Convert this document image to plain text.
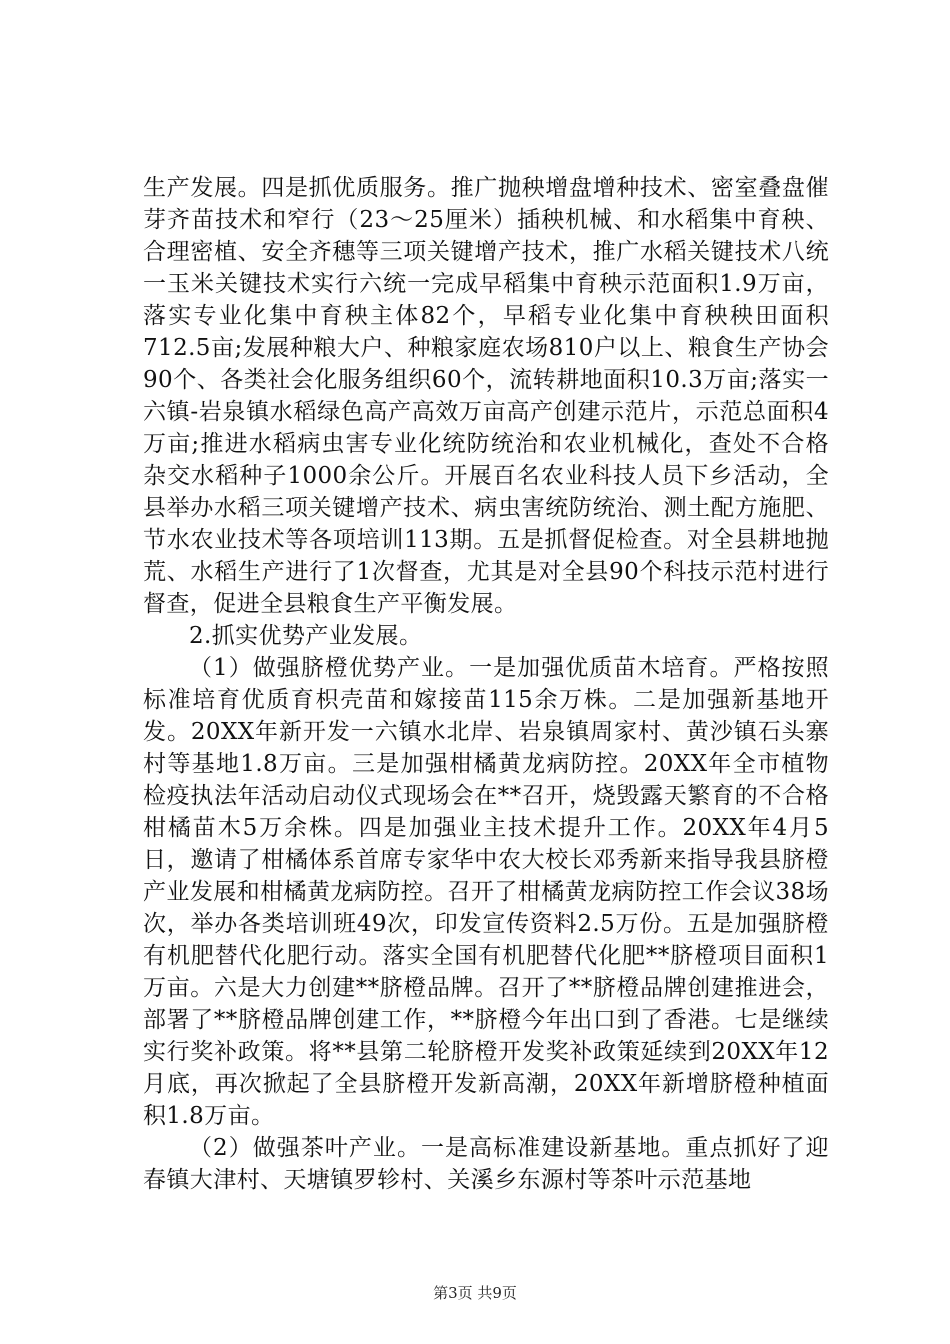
生产发展。四是抓优质服务。推广抛秧增盘增种技术、密室叠盘催芽齐苗技术和窄行（23～25厘米）插秧机械、和水稻集中育秧、合理密植、安全齐穗等三项关键增产技术，推广水稻关键技术八统一玉米关键技术实行六统一完成早稻集中育秧示范面积1.9万亩，落实专业化集中育秧主体82个，早稻专业化集中育秧秧田面积712.5亩;发展种粮大户、种粮家庭农场810户以上、粮食生产协会90个、各类社会化服务组织60个，流转耕地面积10.3万亩;落实一六镇-岩泉镇水稻绿色高产高效万亩高产创建示范片，示范总面积4万亩;推进水稻病虫害专业化统防统治和农业机械化，查处不合格杂交水稻种子1000余公斤。开展百名农业科技人员下乡活动，全县举办水稻三项关键增产技术、病虫害统防统治、测土配方施肥、节水农业技术等各项培训113期。五是抓督促检查。对全县耕地抛荒、水稻生产进行了1次督查，尤其是对全县90个科技示范村进行督查，促进全县粮食生产平衡发展。

2.抓实优势产业发展。

（1）做强脐橙优势产业。一是加强优质苗木培育。严格按照标准培育优质育枳壳苗和嫁接苗115余万株。二是加强新基地开发。20XX年新开发一六镇水北岸、岩泉镇周家村、黄沙镇石头寨村等基地1.8万亩。三是加强柑橘黄龙病防控。20XX年全市植物检疫执法年活动启动仪式现场会在**召开，烧毁露天繁育的不合格柑橘苗木5万余株。四是加强业主技术提升工作。20XX年4月5日，邀请了柑橘体系首席专家华中农大校长邓秀新来指导我县脐橙产业发展和柑橘黄龙病防控。召开了柑橘黄龙病防控工作会议38场次，举办各类培训班49次，印发宣传资料2.5万份。五是加强脐橙有机肥替代化肥行动。落实全国有机肥替代化肥**脐橙项目面积1万亩。六是大力创建**脐橙品牌。召开了**脐橙品牌创建推进会，部署了**脐橙品牌创建工作，**脐橙今年出口到了香港。七是继续实行奖补政策。将**县第二轮脐橙开发奖补政策延续到20XX年12月底，再次掀起了全县脐橙开发新高潮，20XX年新增脐橙种植面积1.8万亩。

（2）做强茶叶产业。一是高标准建设新基地。重点抓好了迎春镇大津村、天塘镇罗轸村、关溪乡东源村等茶叶示范基地

第3页 共9页
